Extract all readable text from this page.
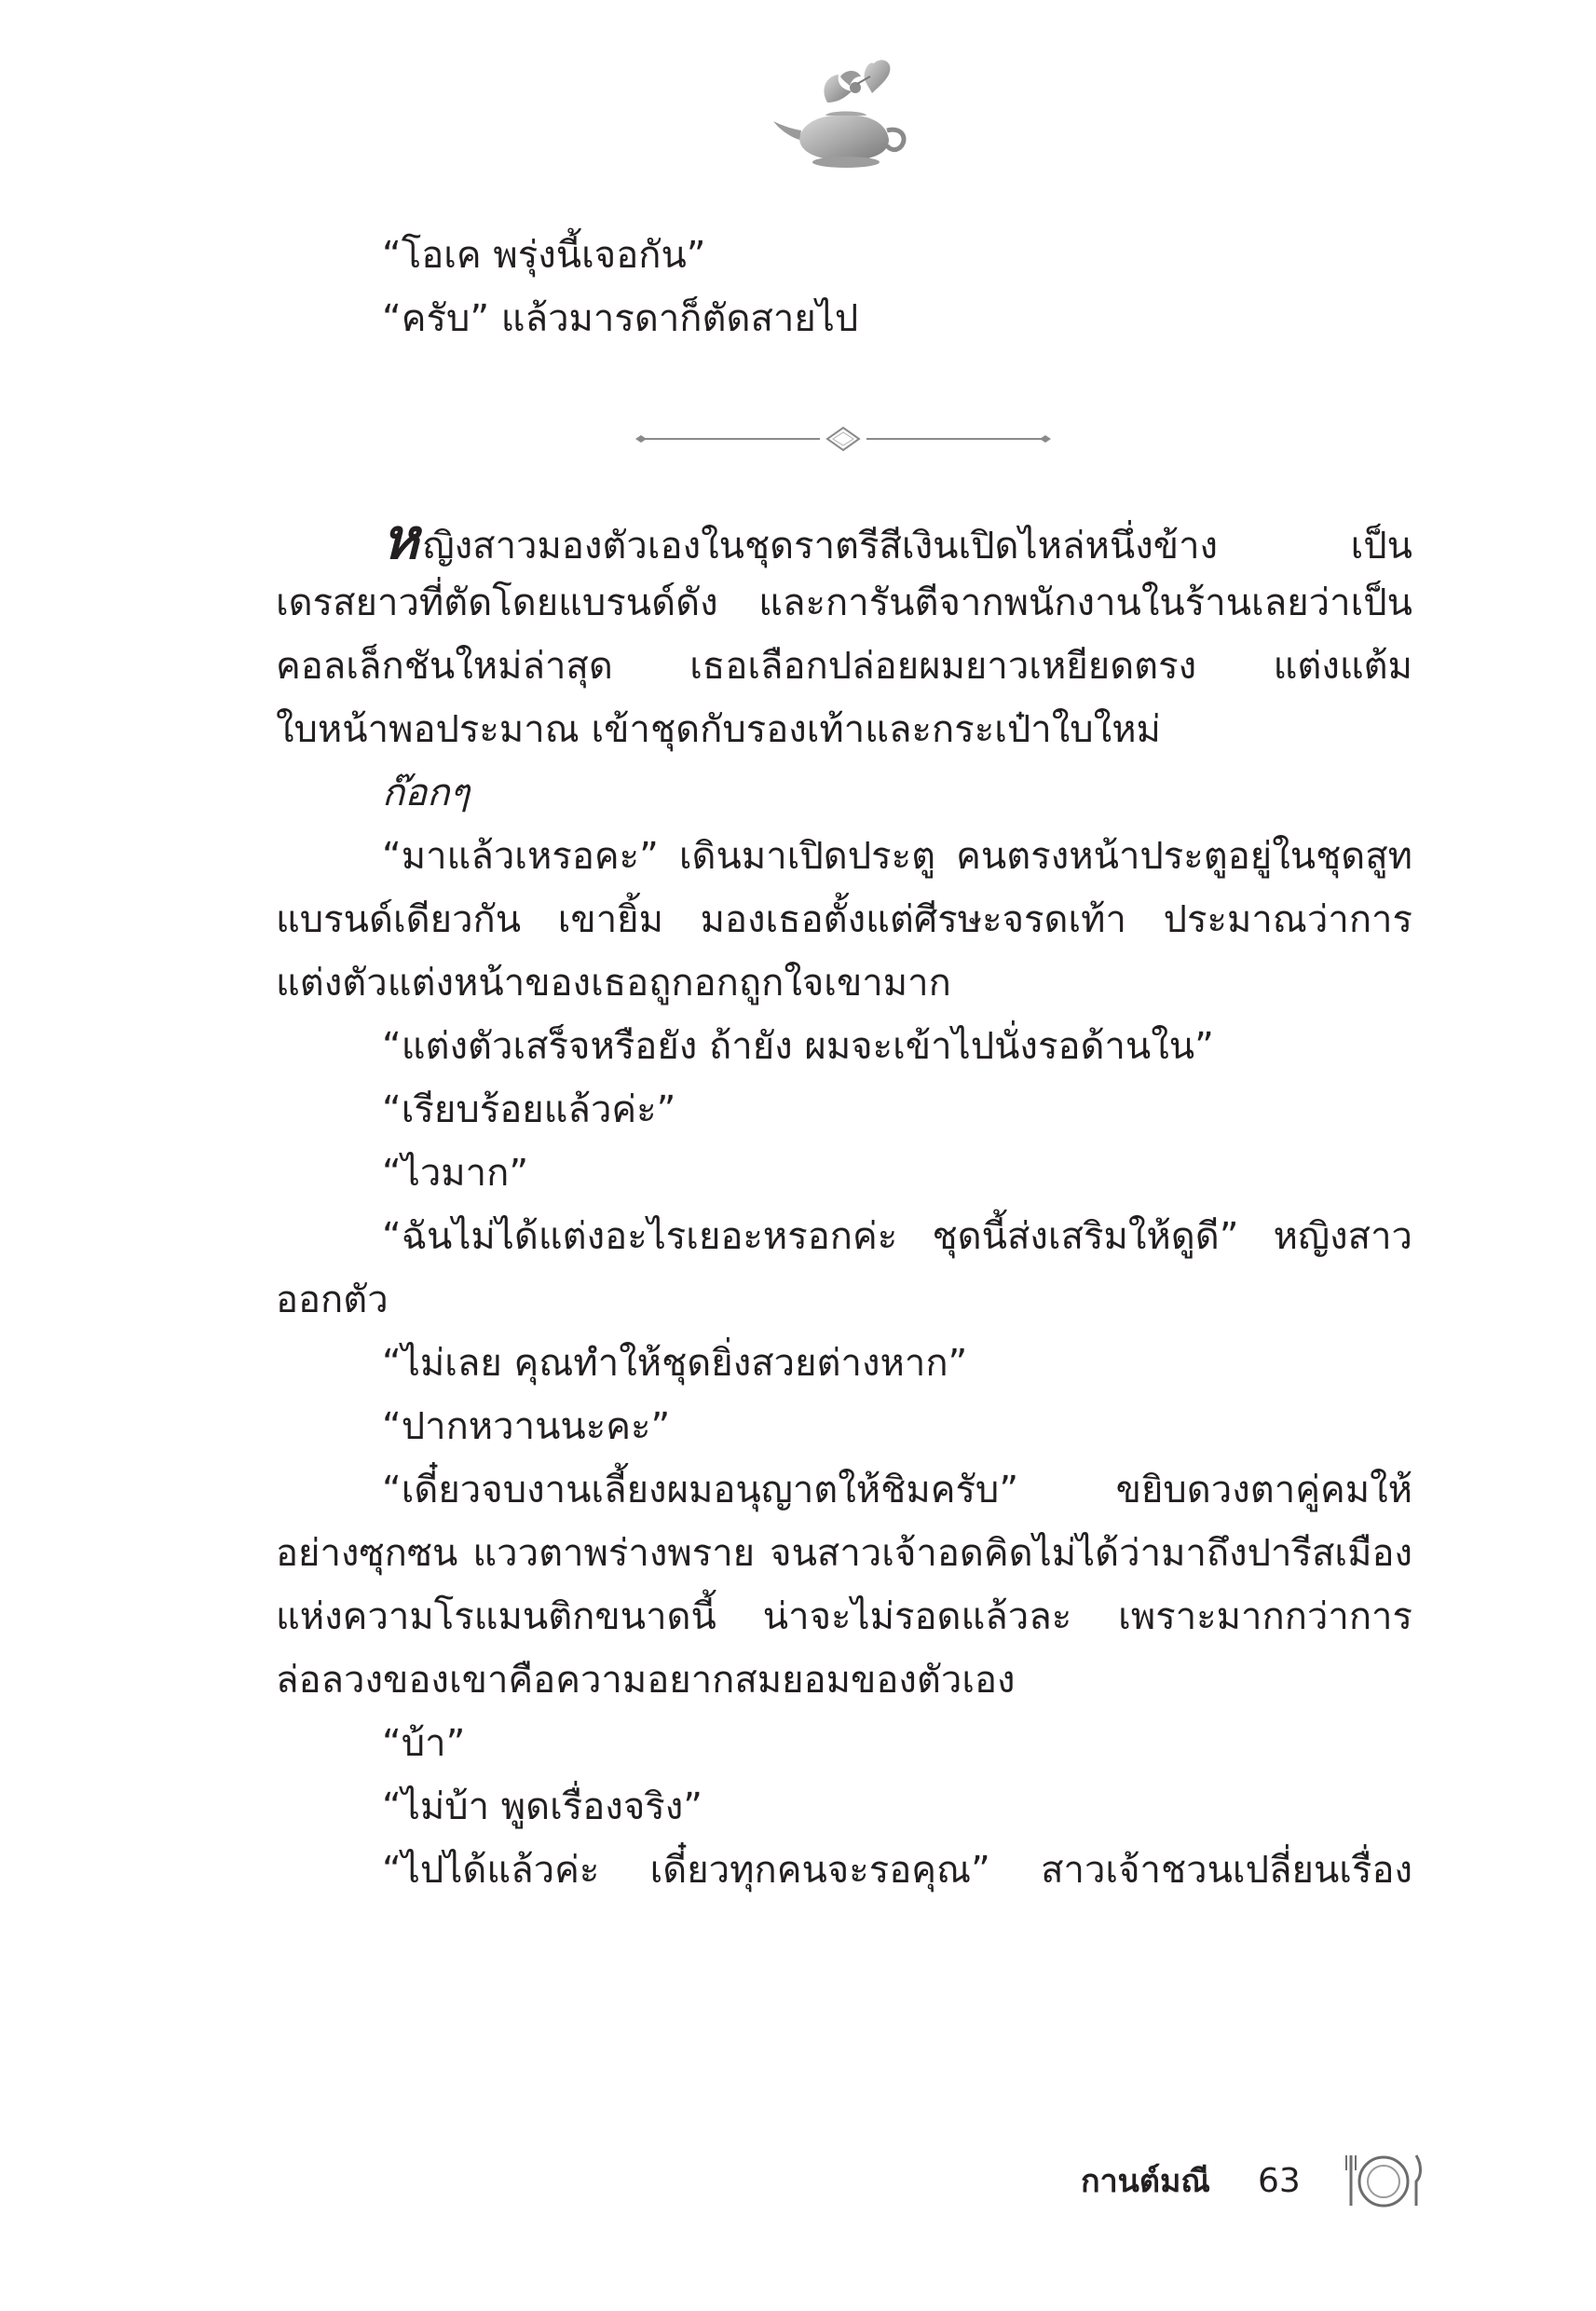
“โอเค พรุ่งนี้เจอกัน”
“ครับ” แล้วมารดาก็ตัดสายไป
หญิงสาวมองตัวเองในชุดราตรีสีเงินเปิดไหล่หนึ่งข้าง เป็น
เดรสยาวที่ตัดโดยแบรนด์ดัง และการันตีจากพนักงานในร้านเลยว่าเป็น
คอลเล็กชันใหม่ล่าสุด เธอเลือกปล่อยผมยาวเหยียดตรง แต่งแต้ม
ใบหน้าพอประมาณ เข้าชุดกับรองเท้าและกระเป๋าใบใหม่
ก๊อกๆ
“มาแล้วเหรอคะ” เดินมาเปิดประตู คนตรงหน้าประตูอยู่ในชุดสูท
แบรนด์เดียวกัน เขายิ้ม มองเธอตั้งแต่ศีรษะจรดเท้า ประมาณว่าการ
แต่งตัวแต่งหน้าของเธอถูกอกถูกใจเขามาก
“แต่งตัวเสร็จหรือยัง ถ้ายัง ผมจะเข้าไปนั่งรอด้านใน”
“เรียบร้อยแล้วค่ะ”
“ไวมาก”
“ฉันไม่ได้แต่งอะไรเยอะหรอกค่ะ ชุดนี้ส่งเสริมให้ดูดี” หญิงสาว
ออกตัว
“ไม่เลย คุณทำให้ชุดยิ่งสวยต่างหาก”
“ปากหวานนะคะ”
“เดี๋ยวจบงานเลี้ยงผมอนุญาตให้ชิมครับ” ขยิบดวงตาคู่คมให้
อย่างซุกซน แววตาพร่างพราย จนสาวเจ้าอดคิดไม่ได้ว่ามาถึงปารีสเมือง
แห่งความโรแมนติกขนาดนี้ น่าจะไม่รอดแล้วละ เพราะมากกว่าการ
ล่อลวงของเขาคือความอยากสมยอมของตัวเอง
“บ้า”
“ไม่บ้า พูดเรื่องจริง”
“ไปได้แล้วค่ะ เดี๋ยวทุกคนจะรอคุณ” สาวเจ้าชวนเปลี่ยนเรื่อง
กานต์มณี 63
